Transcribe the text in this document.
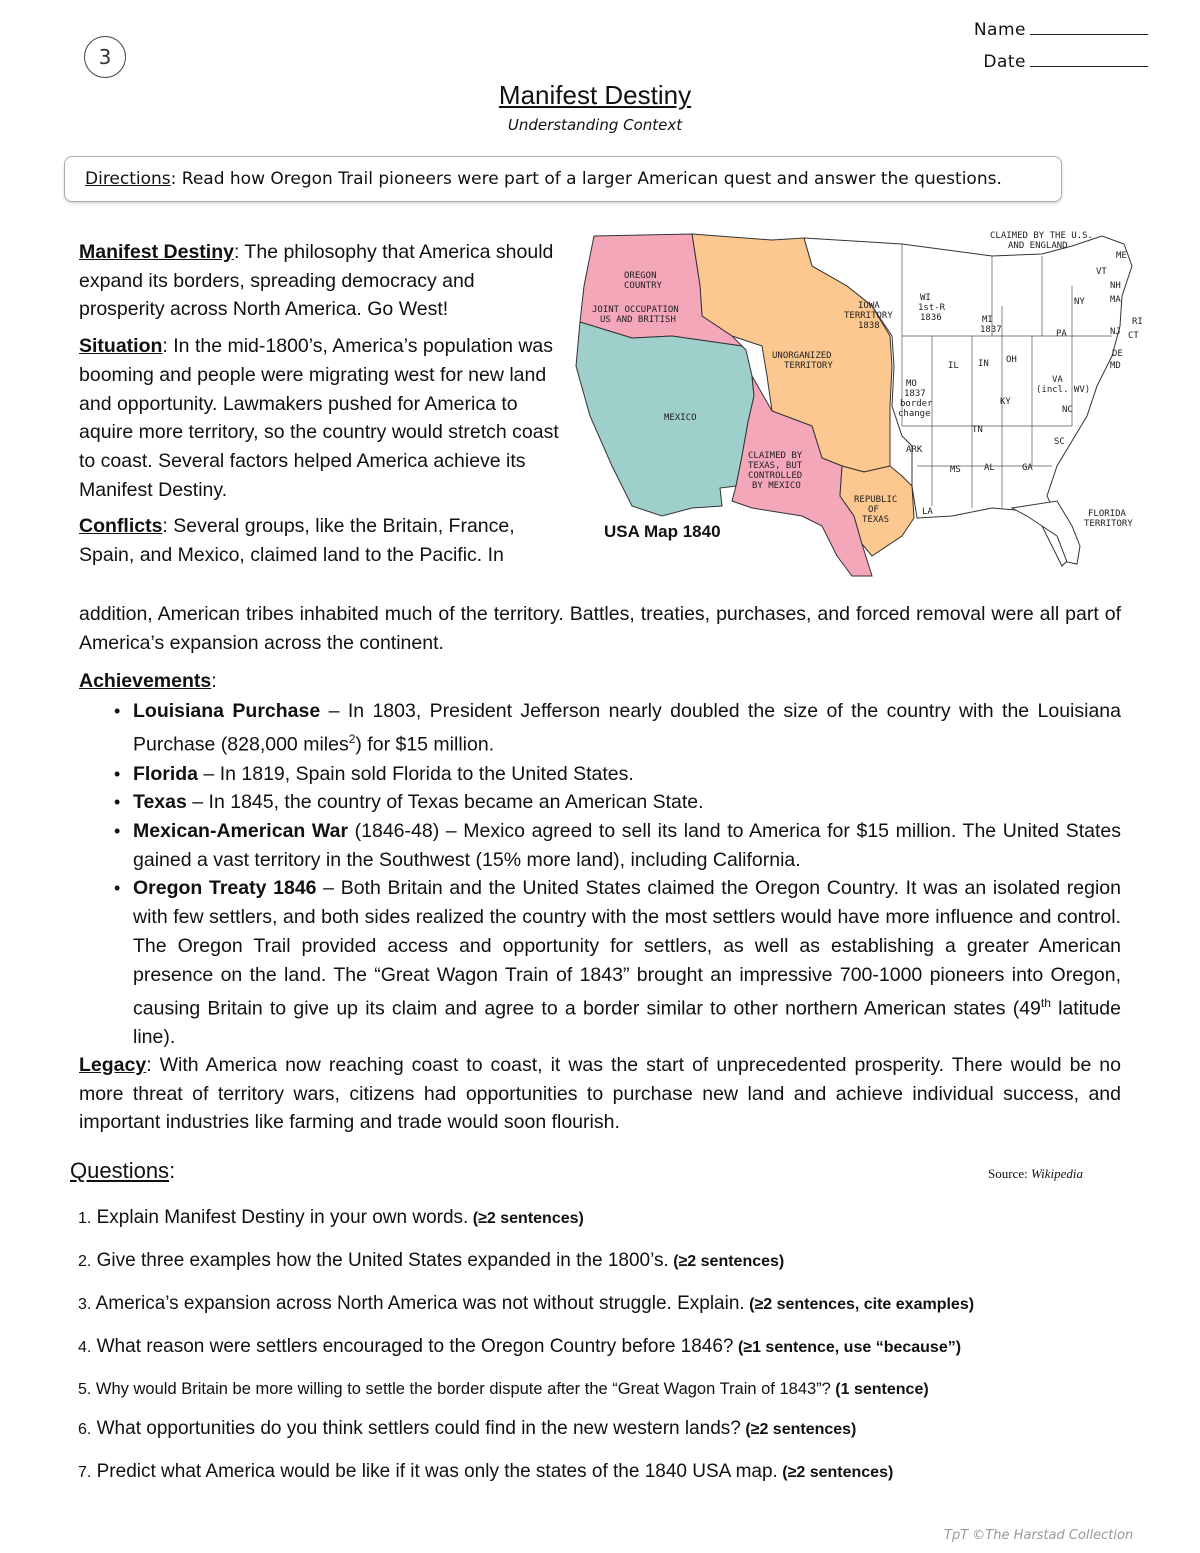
3
Name
Date
Manifest Destiny
Understanding Context
Directions: Read how Oregon Trail pioneers were part of a larger American quest and answer the questions.

Manifest Destiny: The philosophy that America should expand its borders, spreading democracy and prosperity across North America. Go West!

Situation: In the mid-1800’s, America’s population was booming and people were migrating west for new land and opportunity. Lawmakers pushed for America to aquire more territory, so the country would stretch coast to coast. Several factors helped America achieve its Manifest Destiny.

Conflicts: Several groups, like the Britain, France, Spain, and Mexico, claimed land to the Pacific. In

OREGON
COUNTRY
JOINT OCCUPATION
US AND BRITISH
MEXICO
IOWA
TERRITORY
1838
UNORGANIZED
TERRITORY
CLAIMED BY
TEXAS, BUT
CONTROLLED
BY MEXICO
REPUBLIC
OF
TEXAS
CLAIMED BY THE U.S.
AND ENGLAND
FLORIDA
TERRITORY
MO
1837
border
change
WI
1st-R
1836	MI
1837
ME
VT
NH
MA
RI
CT
NY
PA	NJ
DE
MD
OH
IN
IL
KY
VA
(incl. WV)
NC
TN
SC
GA
AL
MS
LA
ARK
USA Map 1840
addition, American tribes inhabited much of the territory. Battles, treaties, purchases, and forced removal were all part of America’s expansion across the continent.
Achievements:
• Louisiana Purchase – In 1803, President Jefferson nearly doubled the size of the country with the Louisiana Purchase (828,000 miles$^2$) for $15 million.
• Florida – In 1819, Spain sold Florida to the United States.
• Texas – In 1845, the country of Texas became an American State.
• Mexican-American War (1846-48) – Mexico agreed to sell its land to America for $15 million. The United States gained a vast territory in the Southwest (15% more land), including California.
• Oregon Treaty 1846 – Both Britain and the United States claimed the Oregon Country. It was an isolated region with few settlers, and both sides realized the country with the most settlers would have more influence and control. The Oregon Trail provided access and opportunity for settlers, as well as establishing a greater American presence on the land. The “Great Wagon Train of 1843” brought an impressive 700-1000 pioneers into Oregon, causing Britain to give up its claim and agree to a border similar to other northern American states (49th latitude line).
Legacy: With America now reaching coast to coast, it was the start of unprecedented prosperity. There would be no more threat of territory wars, citizens had opportunities to purchase new land and achieve individual success, and important industries like farming and trade would soon flourish.
Questions:	Source: Wikipedia
1. Explain Manifest Destiny in your own words. (≥2 sentences)
2. Give three examples how the United States expanded in the 1800’s. (≥2 sentences)
3. America’s expansion across North America was not without struggle. Explain. (≥2 sentences, cite examples)
4. What reason were settlers encouraged to the Oregon Country before 1846? (≥1 sentence, use “because”)
5. Why would Britain be more willing to settle the border dispute after the “Great Wagon Train of 1843”? (1 sentence)
6. What opportunities do you think settlers could find in the new western lands? (≥2 sentences)
7. Predict what America would be like if it was only the states of the 1840 USA map. (≥2 sentences)
TpT ©The Harstad Collection
